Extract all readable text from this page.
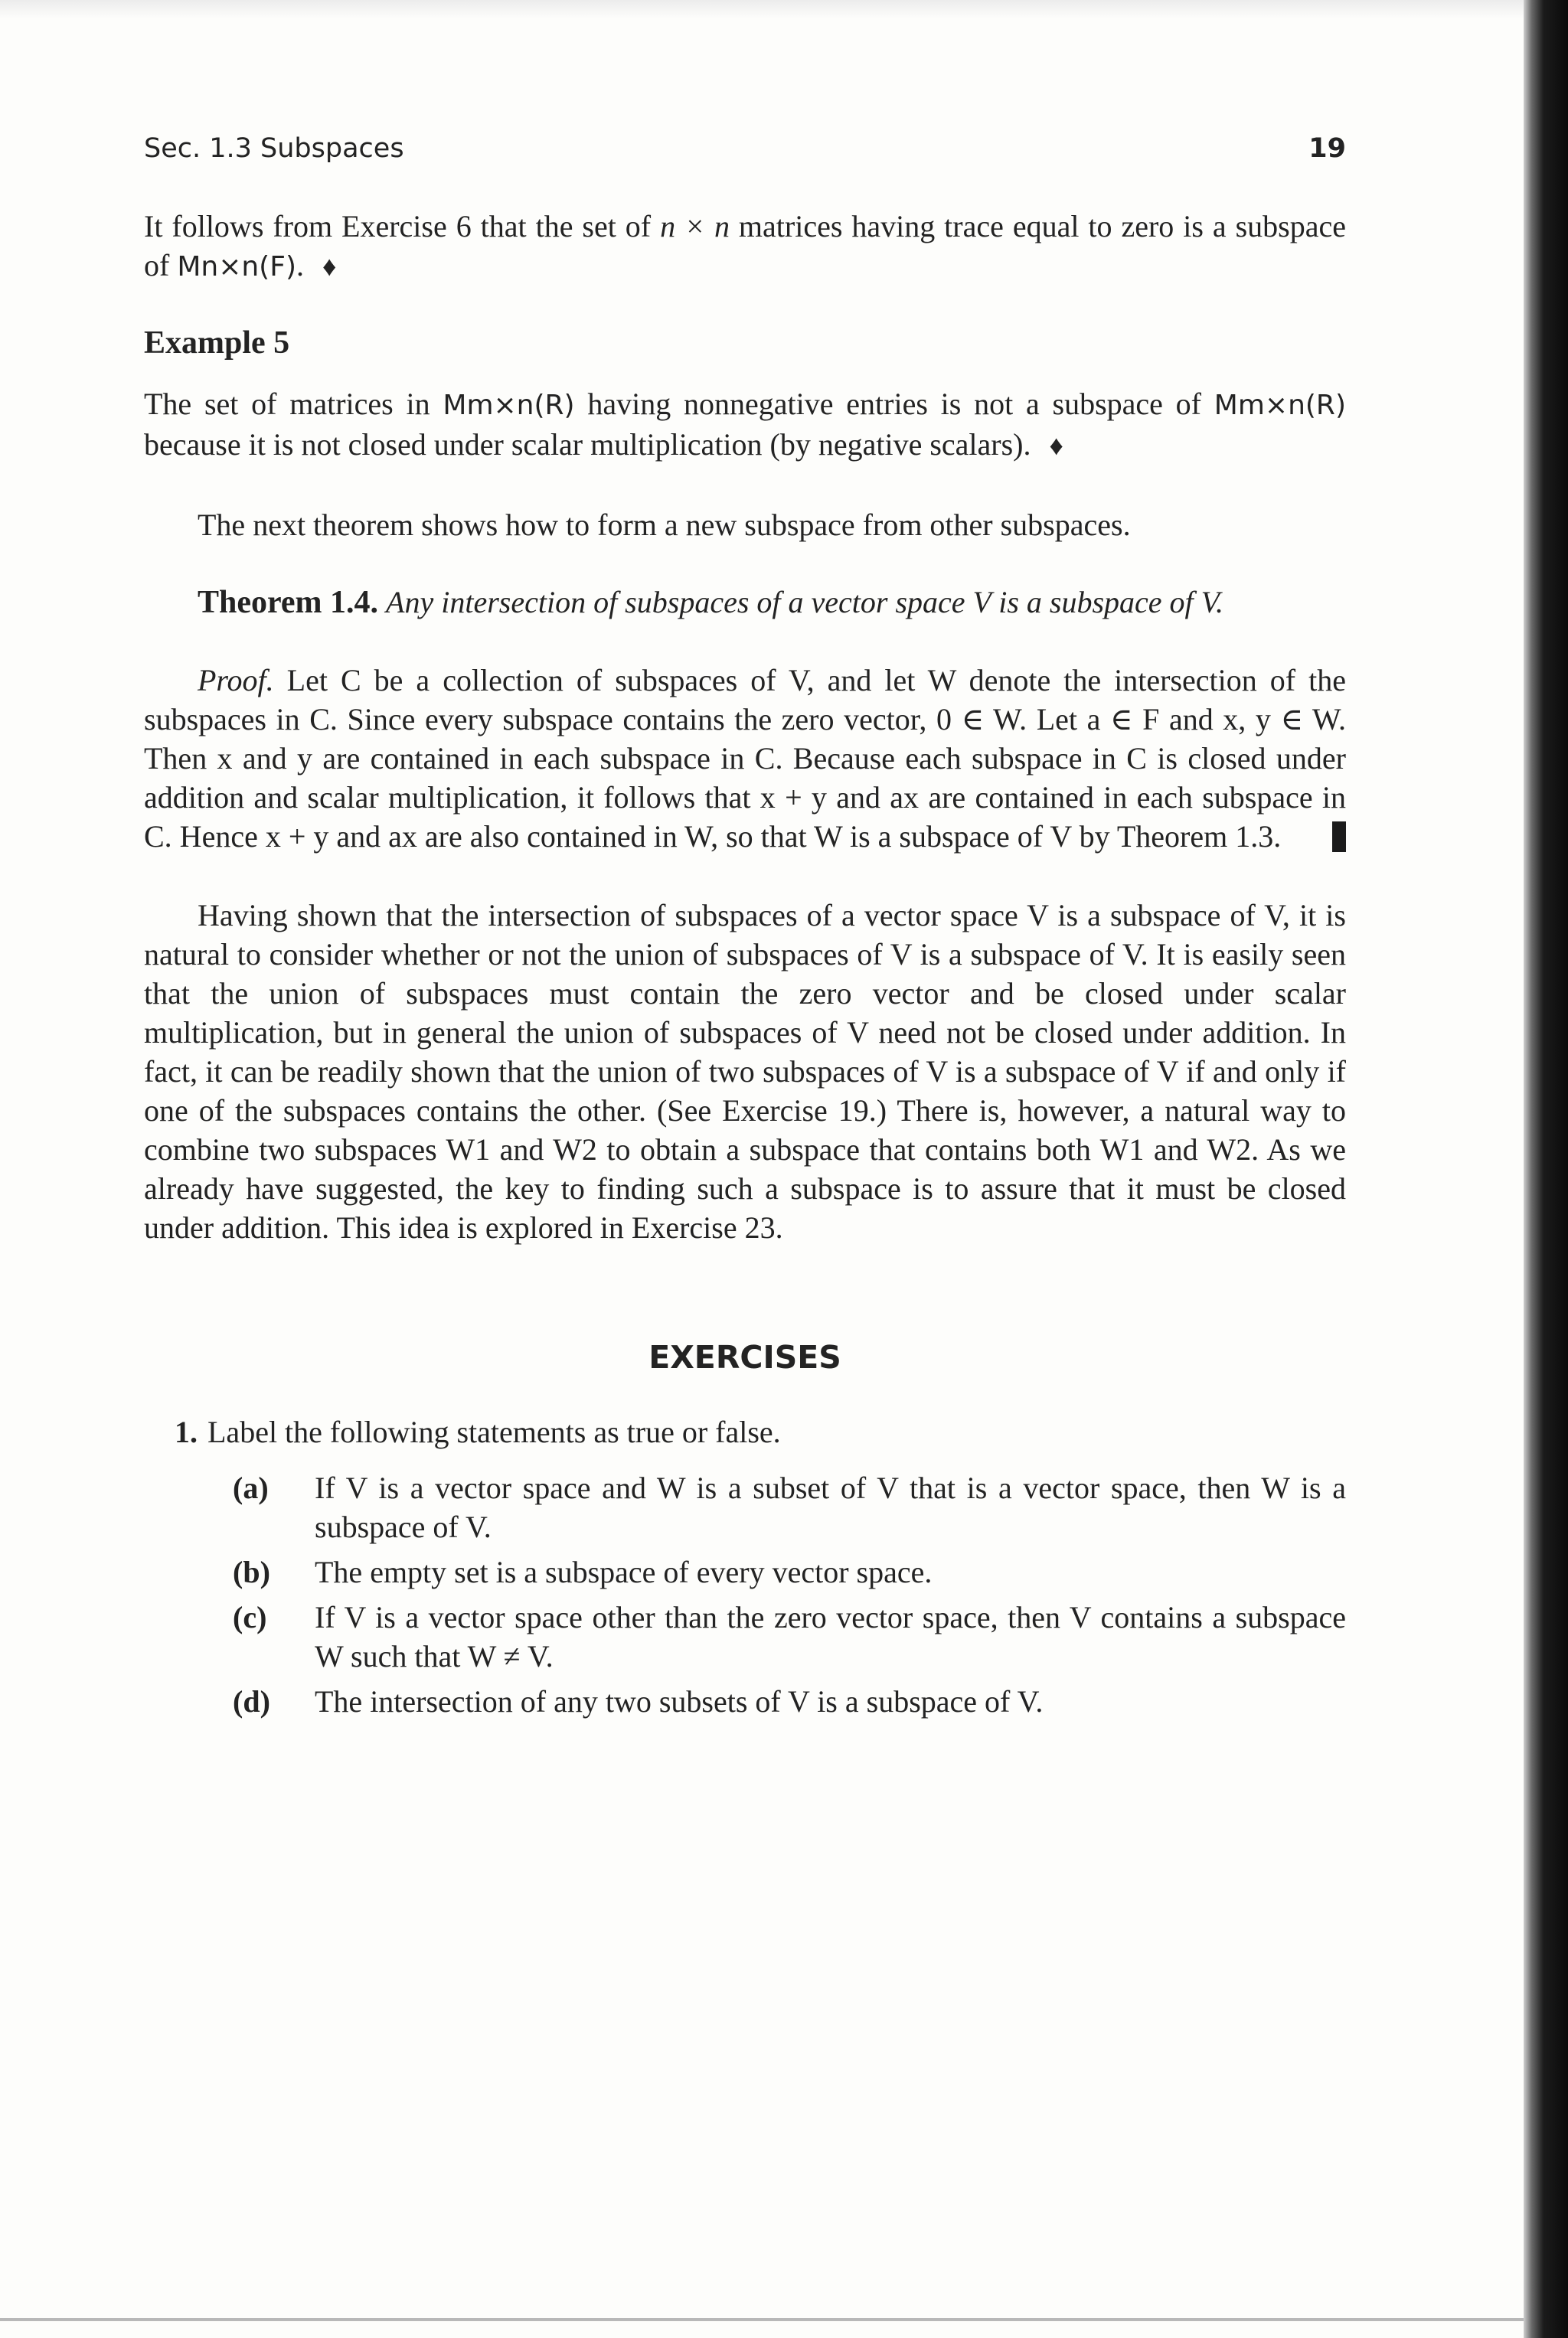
Sec. 1.3 Subspaces	19

It follows from Exercise 6 that the set of n × n matrices having trace equal to zero is a subspace of Mn×n(F). ♦

Example 5

The set of matrices in Mm×n(R) having nonnegative entries is not a subspace of Mm×n(R) because it is not closed under scalar multiplication (by negative scalars). ♦

The next theorem shows how to form a new subspace from other subspaces.

Theorem 1.4. Any intersection of subspaces of a vector space V is a subspace of V.

Proof. Let C be a collection of subspaces of V, and let W denote the intersection of the subspaces in C. Since every subspace contains the zero vector, 0 ∈ W. Let a ∈ F and x, y ∈ W. Then x and y are contained in each subspace in C. Because each subspace in C is closed under addition and scalar multiplication, it follows that x + y and ax are contained in each subspace in C. Hence x + y and ax are also contained in W, so that W is a subspace of V by Theorem 1.3.

Having shown that the intersection of subspaces of a vector space V is a subspace of V, it is natural to consider whether or not the union of subspaces of V is a subspace of V. It is easily seen that the union of subspaces must contain the zero vector and be closed under scalar multiplication, but in general the union of subspaces of V need not be closed under addition. In fact, it can be readily shown that the union of two subspaces of V is a subspace of V if and only if one of the subspaces contains the other. (See Exercise 19.) There is, however, a natural way to combine two subspaces W1 and W2 to obtain a subspace that contains both W1 and W2. As we already have suggested, the key to finding such a subspace is to assure that it must be closed under addition. This idea is explored in Exercise 23.

EXERCISES

1. Label the following statements as true or false.

(a) If V is a vector space and W is a subset of V that is a vector space, then W is a subspace of V.

(b) The empty set is a subspace of every vector space.

(c) If V is a vector space other than the zero vector space, then V contains a subspace W such that W ≠ V.

(d) The intersection of any two subsets of V is a subspace of V.
